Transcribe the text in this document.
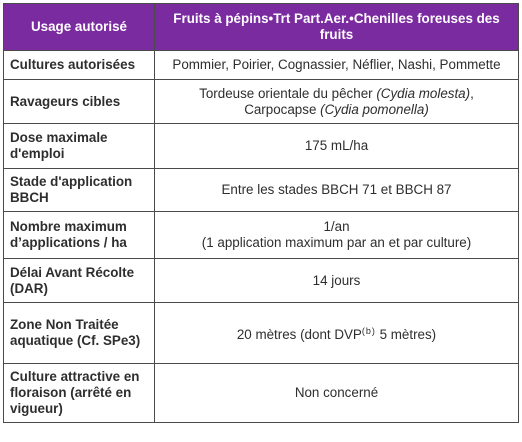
Usage autorisé	Fruits à pépins•Trt Part.Aer.•Chenilles foreuses des fruits
Cultures autorisées	Pommier, Poirier, Cognassier, Néflier, Nashi, Pommette
Ravageurs cibles	Tordeuse orientale du pêcher (Cydia molesta),
Carpocapse (Cydia pomonella)
Dose maximale d'emploi	175 mL/ha
Stade d'application BBCH	Entre les stades BBCH 71 et BBCH 87
Nombre maximum d’applications / ha	1/an
(1 application maximum par an et par culture)
Délai Avant Récolte (DAR)	14 jours
Zone Non Traitée aquatique (Cf. SPe3)	20 mètres (dont DVP$^{(b)}$ 5 mètres)
Culture attractive en floraison (arrêté en vigueur)	Non concerné
